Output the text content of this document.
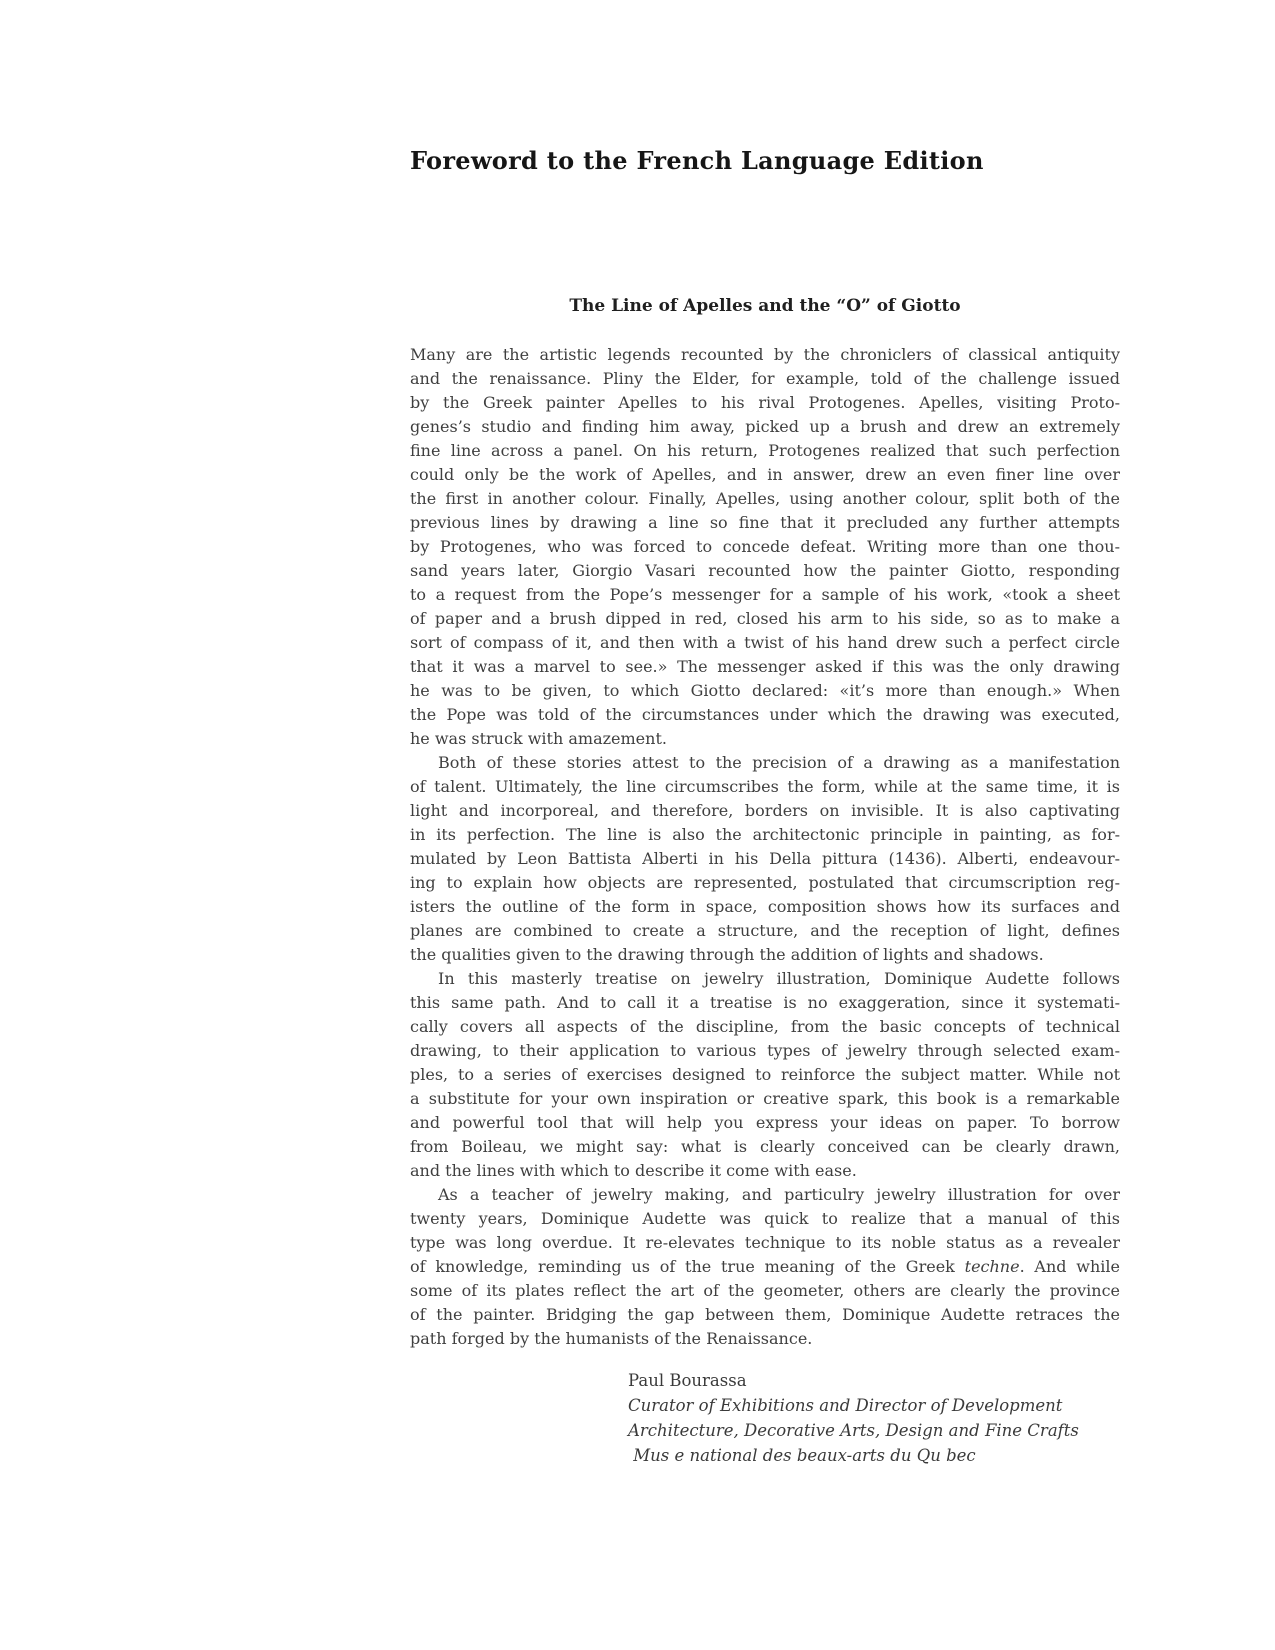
Foreword to the French Language Edition
The Line of Apelles and the “O” of Giotto
Many are the artistic legends recounted by the chroniclers of classical antiquity
and the renaissance. Pliny the Elder, for example, told of the challenge issued
by the Greek painter Apelles to his rival Protogenes. Apelles, visiting Proto-
genes’s studio and finding him away, picked up a brush and drew an extremely
fine line across a panel. On his return, Protogenes realized that such perfection
could only be the work of Apelles, and in answer, drew an even finer line over
the first in another colour. Finally, Apelles, using another colour, split both of the
previous lines by drawing a line so fine that it precluded any further attempts
by Protogenes, who was forced to concede defeat. Writing more than one thou-
sand years later, Giorgio Vasari recounted how the painter Giotto, responding
to a request from the Pope’s messenger for a sample of his work, «took a sheet
of paper and a brush dipped in red, closed his arm to his side, so as to make a
sort of compass of it, and then with a twist of his hand drew such a perfect circle
that it was a marvel to see.» The messenger asked if this was the only drawing
he was to be given, to which Giotto declared: «it’s more than enough.» When
the Pope was told of the circumstances under which the drawing was executed,
he was struck with amazement.
Both of these stories attest to the precision of a drawing as a manifestation
of talent. Ultimately, the line circumscribes the form, while at the same time, it is
light and incorporeal, and therefore, borders on invisible. It is also captivating
in its perfection. The line is also the architectonic principle in painting, as for-
mulated by Leon Battista Alberti in his Della pittura (1436). Alberti, endeavour-
ing to explain how objects are represented, postulated that circumscription reg-
isters the outline of the form in space, composition shows how its surfaces and
planes are combined to create a structure, and the reception of light, defines
the qualities given to the drawing through the addition of lights and shadows.
In this masterly treatise on jewelry illustration, Dominique Audette follows
this same path. And to call it a treatise is no exaggeration, since it systemati-
cally covers all aspects of the discipline, from the basic concepts of technical
drawing, to their application to various types of jewelry through selected exam-
ples, to a series of exercises designed to reinforce the subject matter. While not
a substitute for your own inspiration or creative spark, this book is a remarkable
and powerful tool that will help you express your ideas on paper. To borrow
from Boileau, we might say: what is clearly conceived can be clearly drawn,
and the lines with which to describe it come with ease.
As a teacher of jewelry making, and particulry jewelry illustration for over
twenty years, Dominique Audette was quick to realize that a manual of this
type was long overdue. It re-elevates technique to its noble status as a revealer
of knowledge, reminding us of the true meaning of the Greek techne. And while
some of its plates reflect the art of the geometer, others are clearly the province
of the painter. Bridging the gap between them, Dominique Audette retraces the
path forged by the humanists of the Renaissance.
Paul Bourassa
Curator of Exhibitions and Director of Development
Architecture, Decorative Arts, Design and Fine Crafts
Mus e national des beaux-arts du Qu bec
